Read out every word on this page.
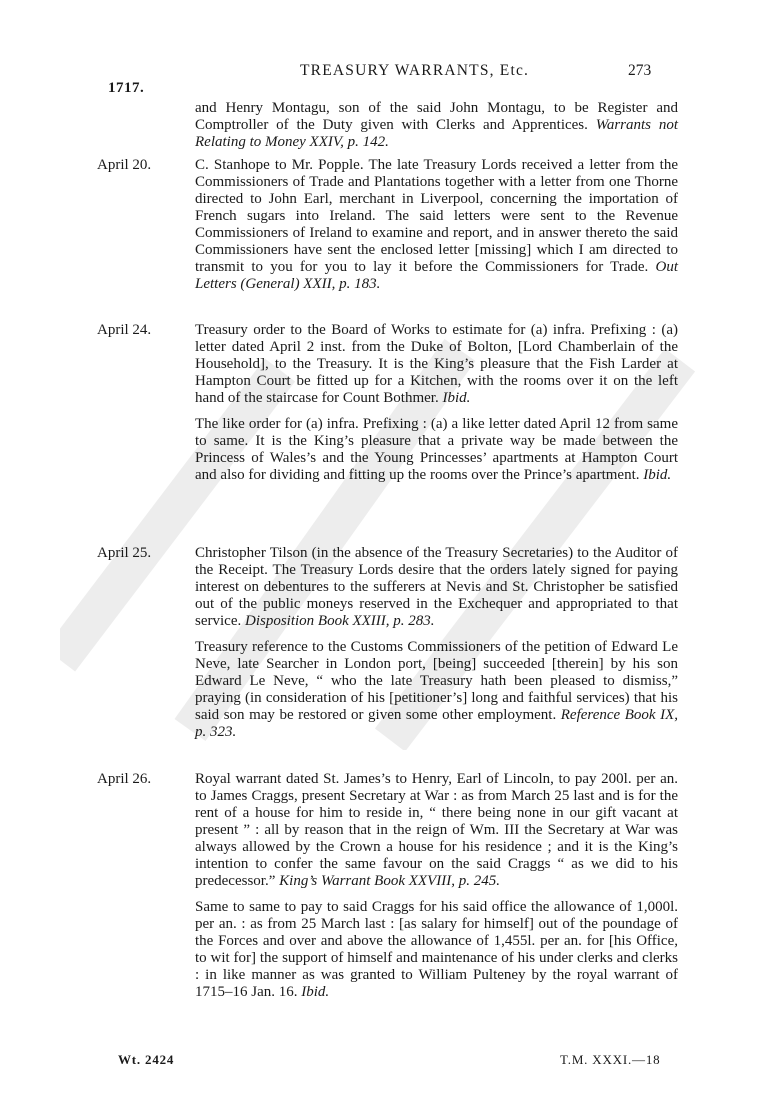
1717.
TREASURY WARRANTS, Etc.	273

and Henry Montagu, son of the said John Montagu, to be Register and Comptroller of the Duty given with Clerks and Apprentices. Warrants not Relating to Money XXIV, p. 142.

April 20.	C. Stanhope to Mr. Popple. The late Treasury Lords received a letter from the Commissioners of Trade and Plantations together with a letter from one Thorne directed to John Earl, merchant in Liverpool, concerning the importation of French sugars into Ireland. The said letters were sent to the Revenue Commissioners of Ireland to examine and report, and in answer thereto the said Commissioners have sent the enclosed letter [missing] which I am directed to transmit to you for you to lay it before the Commissioners for Trade. Out Letters (General) XXII, p. 183.

April 24.	Treasury order to the Board of Works to estimate for (a) infra. Prefixing : (a) letter dated April 2 inst. from the Duke of Bolton, [Lord Chamberlain of the Household], to the Treasury. It is the King’s pleasure that the Fish Larder at Hampton Court be fitted up for a Kitchen, with the rooms over it on the left hand of the staircase for Count Bothmer. Ibid.

The like order for (a) infra. Prefixing : (a) a like letter dated April 12 from same to same. It is the King’s pleasure that a private way be made between the Princess of Wales’s and the Young Princesses’ apartments at Hampton Court and also for dividing and fitting up the rooms over the Prince’s apartment. Ibid.

April 25.	Christopher Tilson (in the absence of the Treasury Secretaries) to the Auditor of the Receipt. The Treasury Lords desire that the orders lately signed for paying interest on debentures to the sufferers at Nevis and St. Christopher be satisfied out of the public moneys reserved in the Exchequer and appropriated to that service. Disposition Book XXIII, p. 283.

Treasury reference to the Customs Commissioners of the petition of Edward Le Neve, late Searcher in London port, [being] succeeded [therein] by his son Edward Le Neve, “ who the late Treasury hath been pleased to dismiss,” praying (in consideration of his [petitioner’s] long and faithful services) that his said son may be restored or given some other employment. Reference Book IX, p. 323.

April 26.	Royal warrant dated St. James’s to Henry, Earl of Lincoln, to pay 200l. per an. to James Craggs, present Secretary at War : as from March 25 last and is for the rent of a house for him to reside in, “ there being none in our gift vacant at present ” : all by reason that in the reign of Wm. III the Secretary at War was always allowed by the Crown a house for his residence ; and it is the King’s intention to confer the same favour on the said Craggs “ as we did to his predecessor.” King’s Warrant Book XXVIII, p. 245.

Same to same to pay to said Craggs for his said office the allowance of 1,000l. per an. : as from 25 March last : [as salary for himself] out of the poundage of the Forces and over and above the allowance of 1,455l. per an. for [his Office, to wit for] the support of himself and maintenance of his under clerks and clerks : in like manner as was granted to William Pulteney by the royal warrant of 1715–16 Jan. 16. Ibid.

Wt. 2424	T.M. XXXI.—18
